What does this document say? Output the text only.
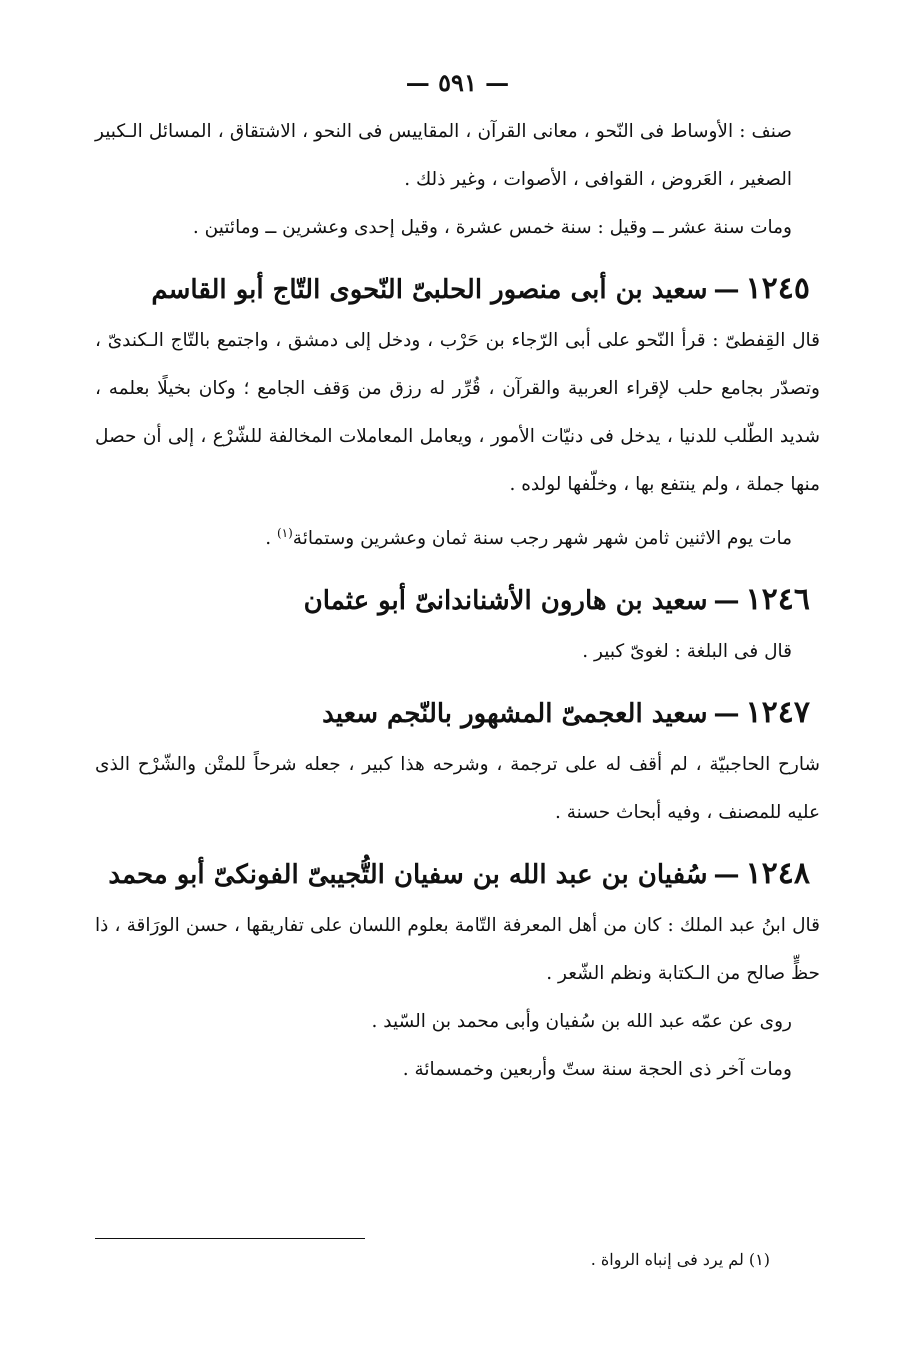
— ٥٩١ —

صنف : الأوساط فى النّحو ، معانى القرآن ، المقاييس فى النحو ، الاشتقاق ، المسائل الـكبير الصغير ، العَروض ، القوافى ، الأصوات ، وغير ذلك .

ومات سنة عشر ــ وقيل : سنة خمس عشرة ، وقيل إحدى وعشرين ــ ومائتين .

١٢٤٥—سعيد بن أبى منصور الحلبىّ النّحوى التّاج أبو القاسم

قال القِفطىّ : قرأ النّحو على أبى الرّجاء بن حَرْب ، ودخل إلى دمشق ، واجتمع بالتّاج الـكندىّ ، وتصدّر بجامع حلب لإقراء العربية والقرآن ، قُرِّر له رزق من وَقف الجامع ؛ وكان بخيلًا بعلمه ، شديد الطّلب للدنيا ، يدخل فى دنيّات الأمور ، ويعامل المعاملات المخالفة للشّرْع ، إلى أن حصل منها جملة ، ولم ينتفع بها ، وخلّفها لولده .

مات يوم الاثنين ثامن شهر شهر رجب سنة ثمان وعشرين وستمائة$^{(١)}$ .

١٢٤٦—سعيد بن هارون الأشناندانىّ أبو عثمان

قال فى البلغة : لغوىّ كبير .

١٢٤٧—سعيد العجمىّ المشهور بالنّجم سعيد

شارح الحاجبيّة ، لم أقف له على ترجمة ، وشرحه هذا كبير ، جعله شرحاً للمتْن والشّرْح الذى عليه للمصنف ، وفيه أبحاث حسنة .

١٢٤٨—سُفيان بن عبد الله بن سفيان التُّجيبىّ الفونكىّ أبو محمد

قال ابنُ عبد الملك : كان من أهل المعرفة التّامة بعلوم اللسان على تفاريقها ، حسن الورَاقة ، ذا حظٍّ صالح من الـكتابة ونظم الشّعر .

روى عن عمّه عبد الله بن سُفيان وأبى محمد بن السّيد .

ومات آخر ذى الحجة سنة ستّ وأربعين وخمسمائة .

(١) لم يرد فى إنباه الرواة .
